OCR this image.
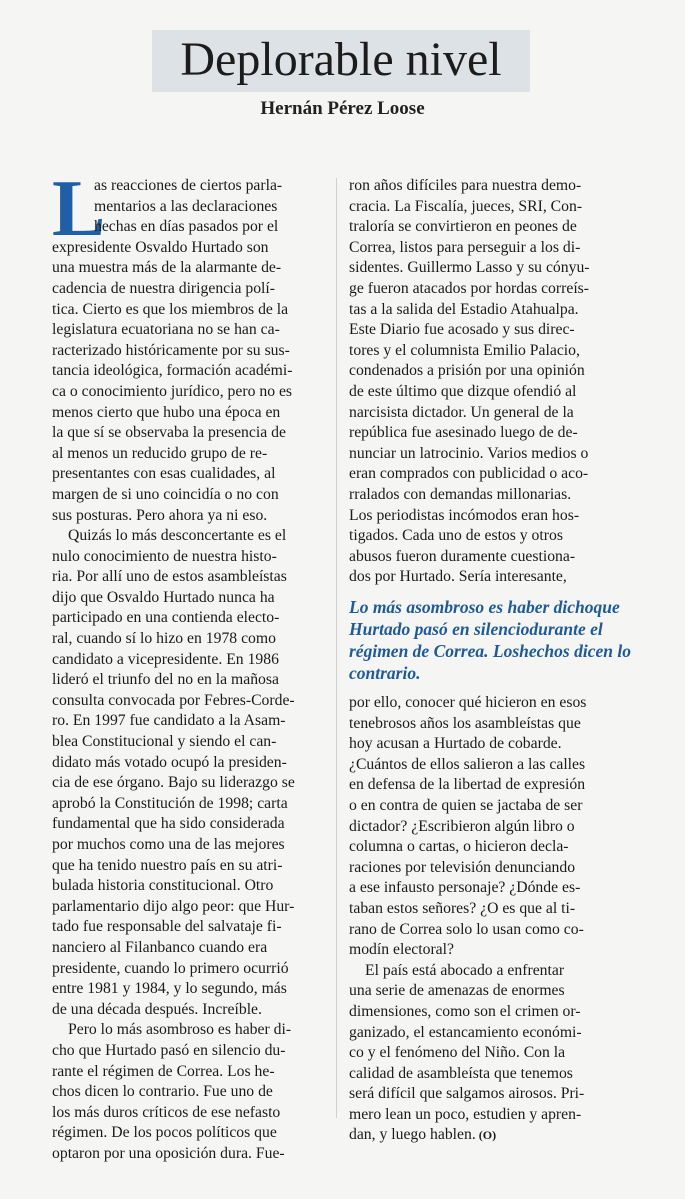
Deplorable nivel
Hernán Pérez Loose
L
as reacciones de ciertos parla-
mentarios a las declaraciones
hechas en días pasados por el
expresidente Osvaldo Hurtado son
una muestra más de la alarmante de-
cadencia de nuestra dirigencia polí-
tica. Cierto es que los miembros de la
legislatura ecuatoriana no se han ca-
racterizado históricamente por su sus-
tancia ideológica, formación académi-
ca o conocimiento jurídico, pero no es
menos cierto que hubo una época en
la que sí se observaba la presencia de
al menos un reducido grupo de re-
presentantes con esas cualidades, al
margen de si uno coincidía o no con
sus posturas. Pero ahora ya ni eso.
Quizás lo más desconcertante es el
nulo conocimiento de nuestra histo-
ria. Por allí uno de estos asambleístas
dijo que Osvaldo Hurtado nunca ha
participado en una contienda electo-
ral, cuando sí lo hizo en 1978 como
candidato a vicepresidente. En 1986
lideró el triunfo del no en la mañosa
consulta convocada por Febres-Corde-
ro. En 1997 fue candidato a la Asam-
blea Constitucional y siendo el can-
didato más votado ocupó la presiden-
cia de ese órgano. Bajo su liderazgo se
aprobó la Constitución de 1998; carta
fundamental que ha sido considerada
por muchos como una de las mejores
que ha tenido nuestro país en su atri-
bulada historia constitucional. Otro
parlamentario dijo algo peor: que Hur-
tado fue responsable del salvataje fi-
nanciero al Filanbanco cuando era
presidente, cuando lo primero ocurrió
entre 1981 y 1984, y lo segundo, más
de una década después. Increíble.
Pero lo más asombroso es haber di-
cho que Hurtado pasó en silencio du-
rante el régimen de Correa. Los he-
chos dicen lo contrario. Fue uno de
los más duros críticos de ese nefasto
régimen. De los pocos políticos que
optaron por una oposición dura. Fue-
ron años difíciles para nuestra demo-
cracia. La Fiscalía, jueces, SRI, Con-
traloría se convirtieron en peones de
Correa, listos para perseguir a los di-
sidentes. Guillermo Lasso y su cónyu-
ge fueron atacados por hordas correís-
tas a la salida del Estadio Atahualpa.
Este Diario fue acosado y sus direc-
tores y el columnista Emilio Palacio,
condenados a prisión por una opinión
de este último que dizque ofendió al
narcisista dictador. Un general de la
república fue asesinado luego de de-
nunciar un latrocinio. Varios medios o
eran comprados con publicidad o aco-
rralados con demandas millonarias.
Los periodistas incómodos eran hos-
tigados. Cada uno de estos y otros
abusos fueron duramente cuestiona-
dos por Hurtado. Sería interesante,
Lo más asombroso es haber dichoque Hurtado pasó en silenciodurante el régimen de Correa. Loshechos dicen lo contrario.
por ello, conocer qué hicieron en esos
tenebrosos años los asambleístas que
hoy acusan a Hurtado de cobarde.
¿Cuántos de ellos salieron a las calles
en defensa de la libertad de expresión
o en contra de quien se jactaba de ser
dictador? ¿Escribieron algún libro o
columna o cartas, o hicieron decla-
raciones por televisión denunciando
a ese infausto personaje? ¿Dónde es-
taban estos señores? ¿O es que al ti-
rano de Correa solo lo usan como co-
modín electoral?
El país está abocado a enfrentar
una serie de amenazas de enormes
dimensiones, como son el crimen or-
ganizado, el estancamiento económi-
co y el fenómeno del Niño. Con la
calidad de asambleísta que tenemos
será difícil que salgamos airosos. Pri-
mero lean un poco, estudien y apren-
dan, y luego hablen. (O)
